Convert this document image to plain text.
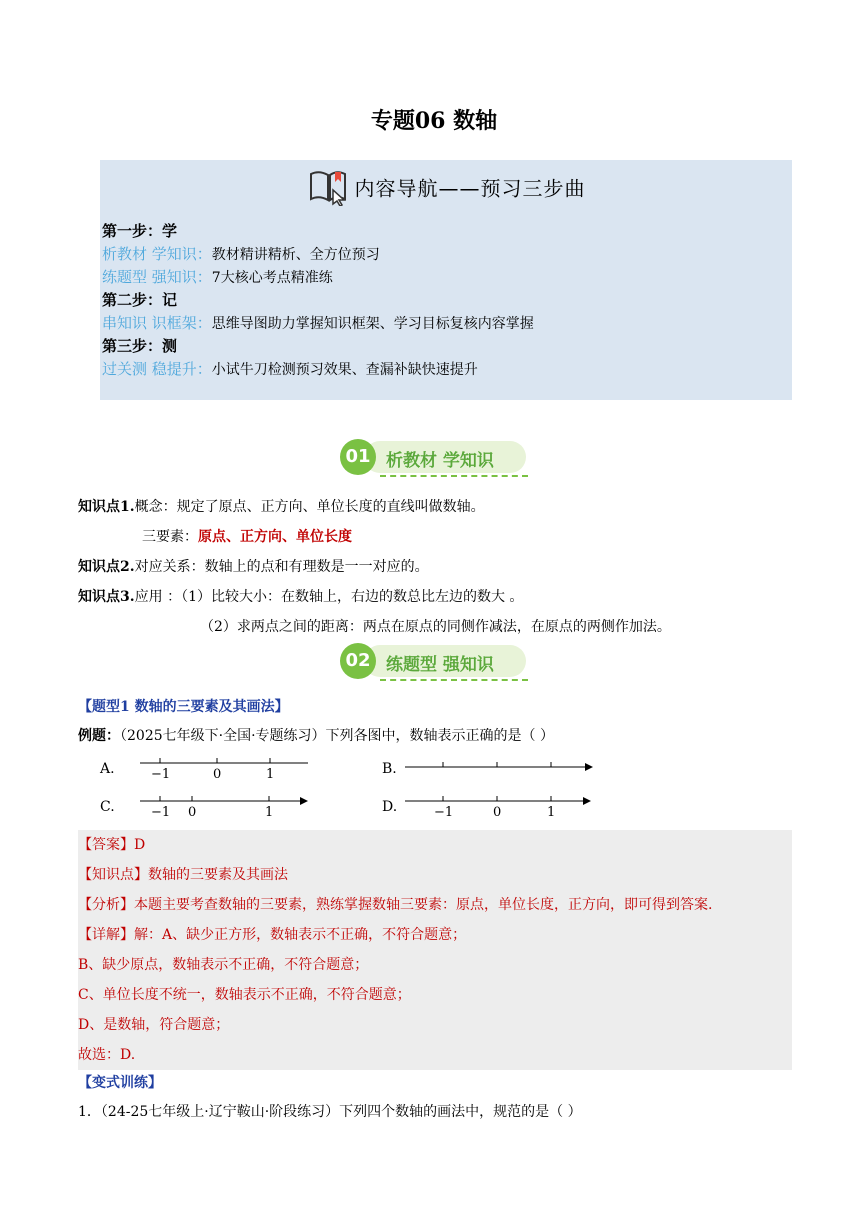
专题06 数轴
内容导航——预习三步曲
第一步：学
析教材 学知识：教材精讲精析、全方位预习
练题型 强知识：7大核心考点精准练
第二步：记
串知识 识框架：思维导图助力掌握知识框架、学习目标复核内容掌握
第三步：测
过关测 稳提升：小试牛刀检测预习效果、查漏补缺快速提升
01 析教材 学知识
知识点1.概念：规定了原点、正方向、单位长度的直线叫做数轴。
三要素：原点、正方向、单位长度
知识点2.对应关系：数轴上的点和有理数是一一对应的。
知识点3.应用 ：（1）比较大小：在数轴上，右边的数总比左边的数大 。
（2）求两点之间的距离：两点在原点的同侧作减法，在原点的两侧作加法。
02 练题型 强知识
【题型1 数轴的三要素及其画法】
例题：（2025七年级下·全国·专题练习）下列各图中，数轴表示正确的是（ ）
A.	−1	0	1	B.
C.	−1 0	1	D.	−1	0	1
【答案】D
【知识点】数轴的三要素及其画法
【分析】本题主要考查数轴的三要素，熟练掌握数轴三要素：原点，单位长度，正方向，即可得到答案.
【详解】解：A、缺少正方形，数轴表示不正确，不符合题意；
B、缺少原点，数轴表示不正确，不符合题意；
C、单位长度不统一，数轴表示不正确，不符合题意；
D、是数轴，符合题意；
故选：D.
【变式训练】
1．（24-25七年级上·辽宁鞍山·阶段练习）下列四个数轴的画法中，规范的是（ ）
